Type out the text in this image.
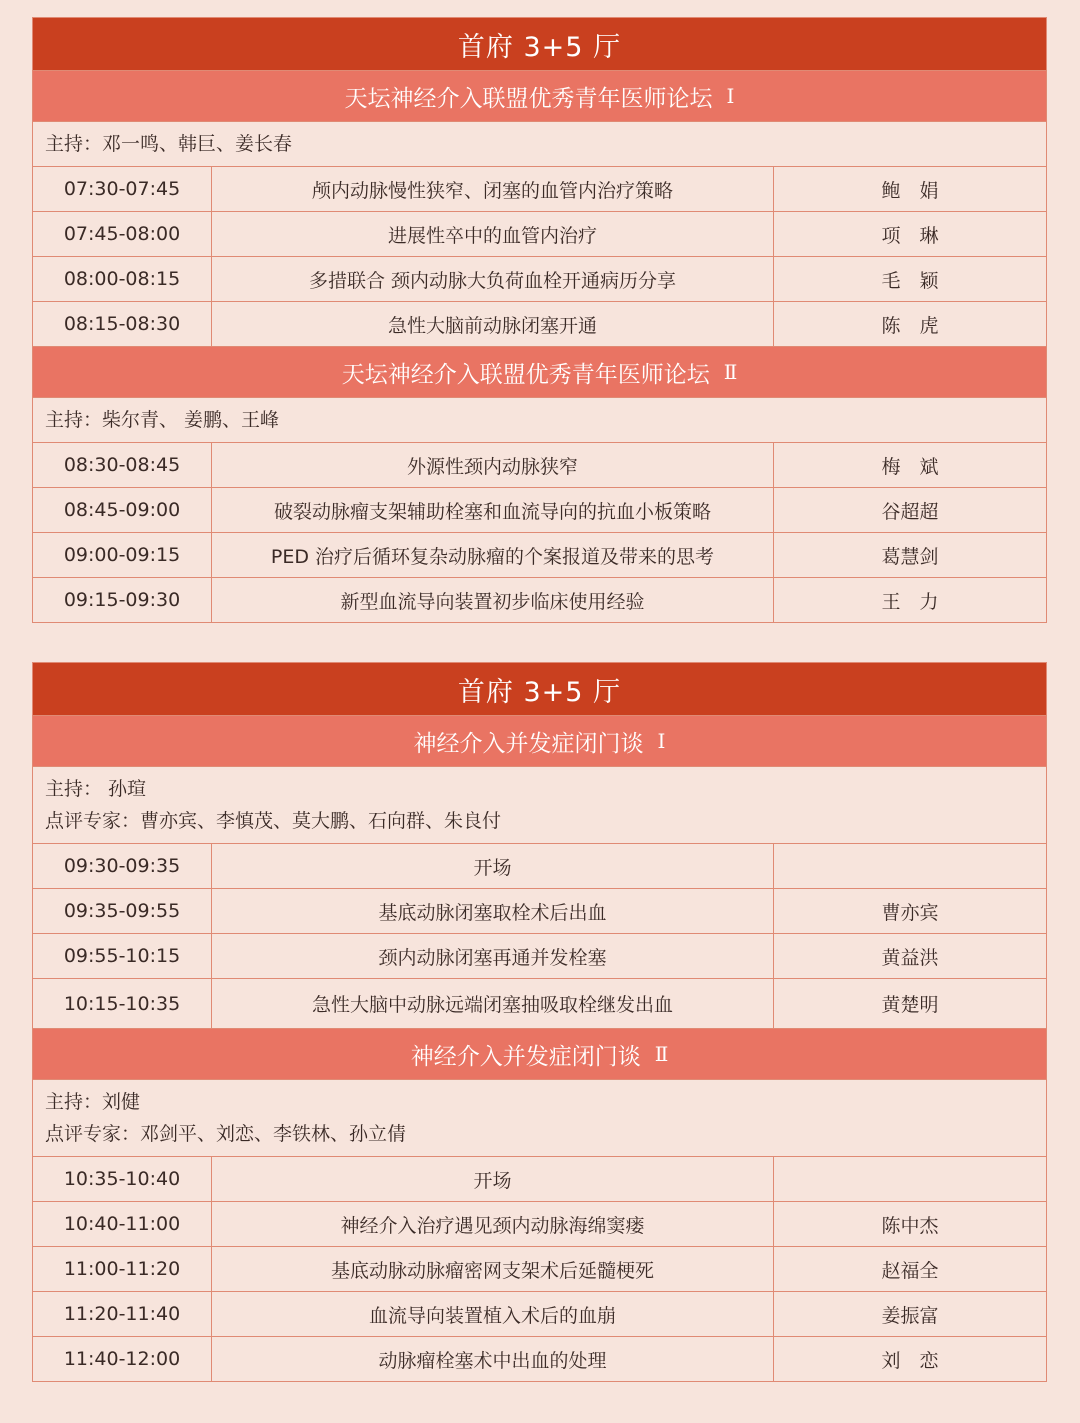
首府 3+5 厅
天坛神经介入联盟优秀青年医师论坛 Ⅰ
主持：邓一鸣、韩巨、姜长春
07:30-07:45	颅内动脉慢性狭窄、闭塞的血管内治疗策略	鲍　娟
07:45-08:00	进展性卒中的血管内治疗	项　琳
08:00-08:15	多措联合 颈内动脉大负荷血栓开通病历分享	毛　颖
08:15-08:30	急性大脑前动脉闭塞开通	陈　虎
天坛神经介入联盟优秀青年医师论坛 Ⅱ
主持：柴尔青、 姜鹏、王峰
08:30-08:45	外源性颈内动脉狭窄	梅　斌
08:45-09:00	破裂动脉瘤支架辅助栓塞和血流导向的抗血小板策略	谷超超
09:00-09:15	PED 治疗后循环复杂动脉瘤的个案报道及带来的思考	葛慧剑
09:15-09:30	新型血流导向装置初步临床使用经验	王　力
首府 3+5 厅
神经介入并发症闭门谈 Ⅰ
主持： 孙瑄
点评专家：曹亦宾、李慎茂、莫大鹏、石向群、朱良付
09:30-09:35	开场
09:35-09:55	基底动脉闭塞取栓术后出血	曹亦宾
09:55-10:15	颈内动脉闭塞再通并发栓塞	黄益洪
10:15-10:35	急性大脑中动脉远端闭塞抽吸取栓继发出血	黄楚明
神经介入并发症闭门谈 Ⅱ
主持：刘健
点评专家：邓剑平、刘恋、李铁林、孙立倩
10:35-10:40	开场
10:40-11:00	神经介入治疗遇见颈内动脉海绵窦瘘	陈中杰
11:00-11:20	基底动脉动脉瘤密网支架术后延髓梗死	赵福全
11:20-11:40	血流导向装置植入术后的血崩	姜振富
11:40-12:00	动脉瘤栓塞术中出血的处理	刘　恋
